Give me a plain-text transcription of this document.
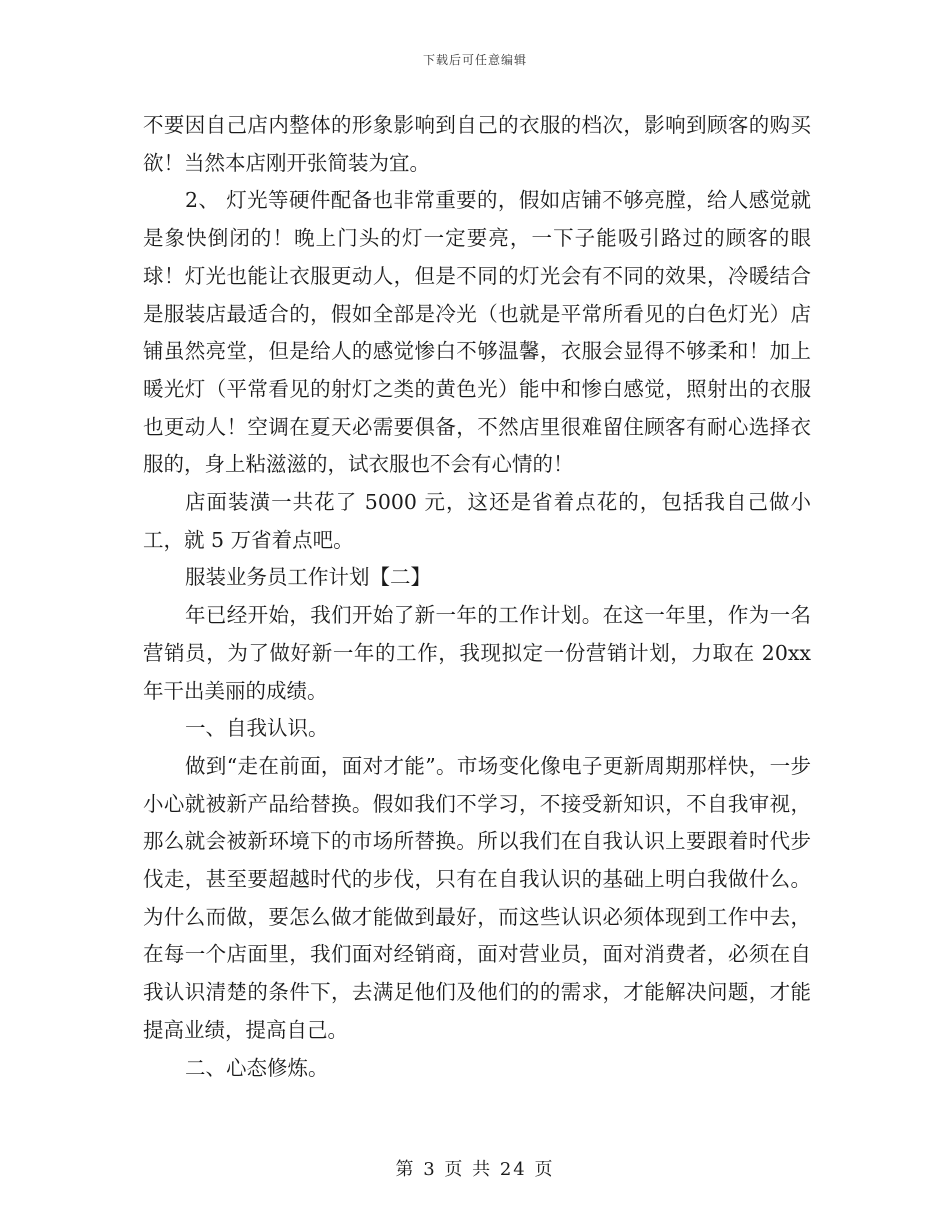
下载后可任意编辑

不要因自己店内整体的形象影响到自己的衣服的档次，影响到顾客的购买欲！当然本店刚开张简装为宜。

2、 灯光等硬件配备也非常重要的，假如店铺不够亮膛，给人感觉就是象快倒闭的！晚上门头的灯一定要亮，一下子能吸引路过的顾客的眼球！灯光也能让衣服更动人，但是不同的灯光会有不同的效果，冷暖结合是服装店最适合的，假如全部是冷光（也就是平常所看见的白色灯光）店铺虽然亮堂，但是给人的感觉惨白不够温馨，衣服会显得不够柔和！加上暖光灯（平常看见的射灯之类的黄色光）能中和惨白感觉，照射出的衣服也更动人！空调在夏天必需要俱备，不然店里很难留住顾客有耐心选择衣服的，身上粘滋滋的，试衣服也不会有心情的！

店面装潢一共花了 5000 元，这还是省着点花的，包括我自己做小工，就 5 万省着点吧。

服装业务员工作计划【二】

年已经开始，我们开始了新一年的工作计划。在这一年里，作为一名营销员，为了做好新一年的工作，我现拟定一份营销计划，力取在 20xx 年干出美丽的成绩。

一、自我认识。

做到“走在前面，面对才能”。市场变化像电子更新周期那样快，一步小心就被新产品给替换。假如我们不学习，不接受新知识，不自我审视，那么就会被新环境下的市场所替换。所以我们在自我认识上要跟着时代步伐走，甚至要超越时代的步伐，只有在自我认识的基础上明白我做什么。为什么而做，要怎么做才能做到最好，而这些认识必须体现到工作中去，在每一个店面里，我们面对经销商，面对营业员，面对消费者，必须在自我认识清楚的条件下，去满足他们及他们的的需求，才能解决问题，才能提高业绩，提高自己。

二、心态修炼。

第 3 页 共 24 页
